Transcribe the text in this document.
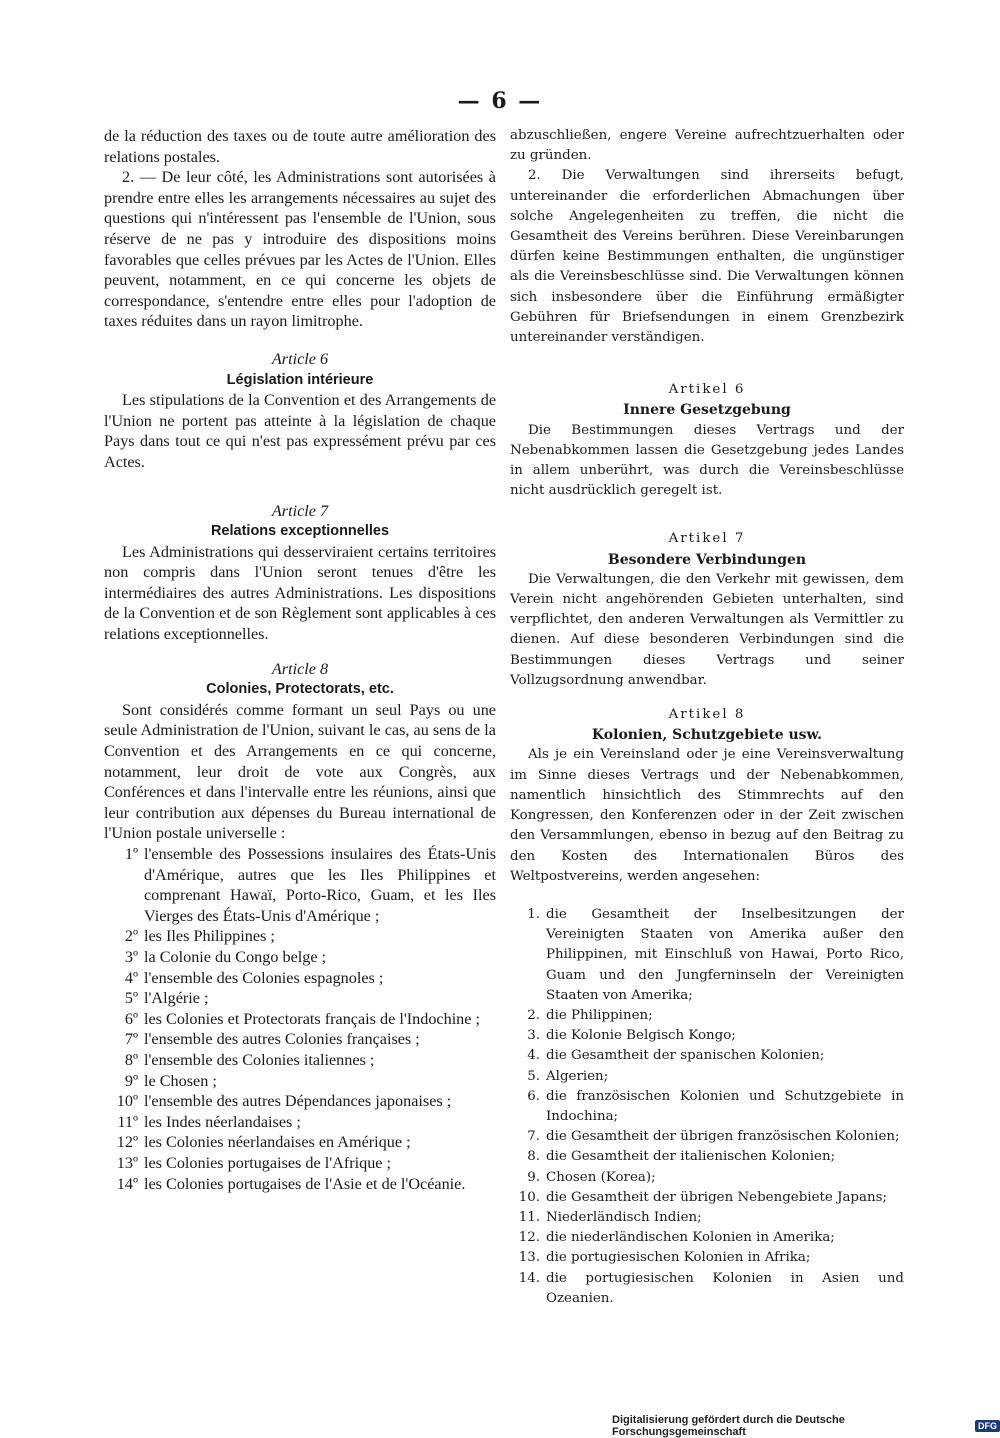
— 6 —

de la réduction des taxes ou de toute autre amélioration des relations postales.

2. — De leur côté, les Administrations sont autorisées à prendre entre elles les arrangements nécessaires au sujet des questions qui n'intéressent pas l'ensemble de l'Union, sous réserve de ne pas y introduire des dispositions moins favorables que celles prévues par les Actes de l'Union. Elles peuvent, notamment, en ce qui concerne les objets de correspondance, s'entendre entre elles pour l'adoption de taxes réduites dans un rayon limitrophe.

Article 6

Législation intérieure

Les stipulations de la Convention et des Arrangements de l'Union ne portent pas atteinte à la législation de chaque Pays dans tout ce qui n'est pas expressément prévu par ces Actes.

Article 7

Relations exceptionnelles

Les Administrations qui desserviraient certains territoires non compris dans l'Union seront tenues d'être les intermédiaires des autres Administrations. Les dispositions de la Convention et de son Règlement sont applicables à ces relations exceptionnelles.

Article 8

Colonies, Protectorats, etc.

Sont considérés comme formant un seul Pays ou une seule Administration de l'Union, suivant le cas, au sens de la Convention et des Arrangements en ce qui concerne, notamment, leur droit de vote aux Congrès, aux Conférences et dans l'intervalle entre les réunions, ainsi que leur contribution aux dépenses du Bureau international de l'Union postale universelle :

1º l'ensemble des Possessions insulaires des États-Unis d'Amérique, autres que les Iles Philippines et comprenant Hawaï, Porto-Rico, Guam, et les Iles Vierges des États-Unis d'Amérique ;
2º les Iles Philippines ;
3º la Colonie du Congo belge ;
4º l'ensemble des Colonies espagnoles ;
5º l'Algérie ;
6º les Colonies et Protectorats français de l'Indochine ;
7º l'ensemble des autres Colonies françaises ;
8º l'ensemble des Colonies italiennes ;
9º le Chosen ;
10º l'ensemble des autres Dépendances japonaises ;
11º les Indes néerlandaises ;
12º les Colonies néerlandaises en Amérique ;
13º les Colonies portugaises de l'Afrique ;
14º les Colonies portugaises de l'Asie et de l'Océanie.

abzuschließen, engere Vereine aufrechtzuerhalten oder zu gründen.

2. Die Verwaltungen sind ihrerseits befugt, untereinander die erforderlichen Abmachungen über solche Angelegenheiten zu treffen, die nicht die Gesamtheit des Vereins berühren. Diese Vereinbarungen dürfen keine Bestimmungen enthalten, die ungünstiger als die Vereinsbeschlüsse sind. Die Verwaltungen können sich insbesondere über die Einführung ermäßigter Gebühren für Briefsendungen in einem Grenzbezirk untereinander verständigen.

Artikel 6

Innere Gesetzgebung

Die Bestimmungen dieses Vertrags und der Nebenabkommen lassen die Gesetzgebung jedes Landes in allem unberührt, was durch die Vereinsbeschlüsse nicht ausdrücklich geregelt ist.

Artikel 7

Besondere Verbindungen

Die Verwaltungen, die den Verkehr mit gewissen, dem Verein nicht angehörenden Gebieten unterhalten, sind verpflichtet, den anderen Verwaltungen als Vermittler zu dienen. Auf diese besonderen Verbindungen sind die Bestimmungen dieses Vertrags und seiner Vollzugsordnung anwendbar.

Artikel 8

Kolonien, Schutzgebiete usw.

Als je ein Vereinsland oder je eine Vereinsverwaltung im Sinne dieses Vertrags und der Nebenabkommen, namentlich hinsichtlich des Stimmrechts auf den Kongressen, den Konferenzen oder in der Zeit zwischen den Versammlungen, ebenso in bezug auf den Beitrag zu den Kosten des Internationalen Büros des Weltpostvereins, werden angesehen:

1. die Gesamtheit der Inselbesitzungen der Vereinigten Staaten von Amerika außer den Philippinen, mit Einschluß von Hawai, Porto Rico, Guam und den Jungferninseln der Vereinigten Staaten von Amerika;
2. die Philippinen;
3. die Kolonie Belgisch Kongo;
4. die Gesamtheit der spanischen Kolonien;
5. Algerien;
6. die französischen Kolonien und Schutzgebiete in Indochina;
7. die Gesamtheit der übrigen französischen Kolonien;
8. die Gesamtheit der italienischen Kolonien;
9. Chosen (Korea);
10. die Gesamtheit der übrigen Nebengebiete Japans;
11. Niederländisch Indien;
12. die niederländischen Kolonien in Amerika;
13. die portugiesischen Kolonien in Afrika;
14. die portugiesischen Kolonien in Asien und Ozeanien.
Digitalisierung gefördert durch die Deutsche Forschungsgemeinschaft	DFG
